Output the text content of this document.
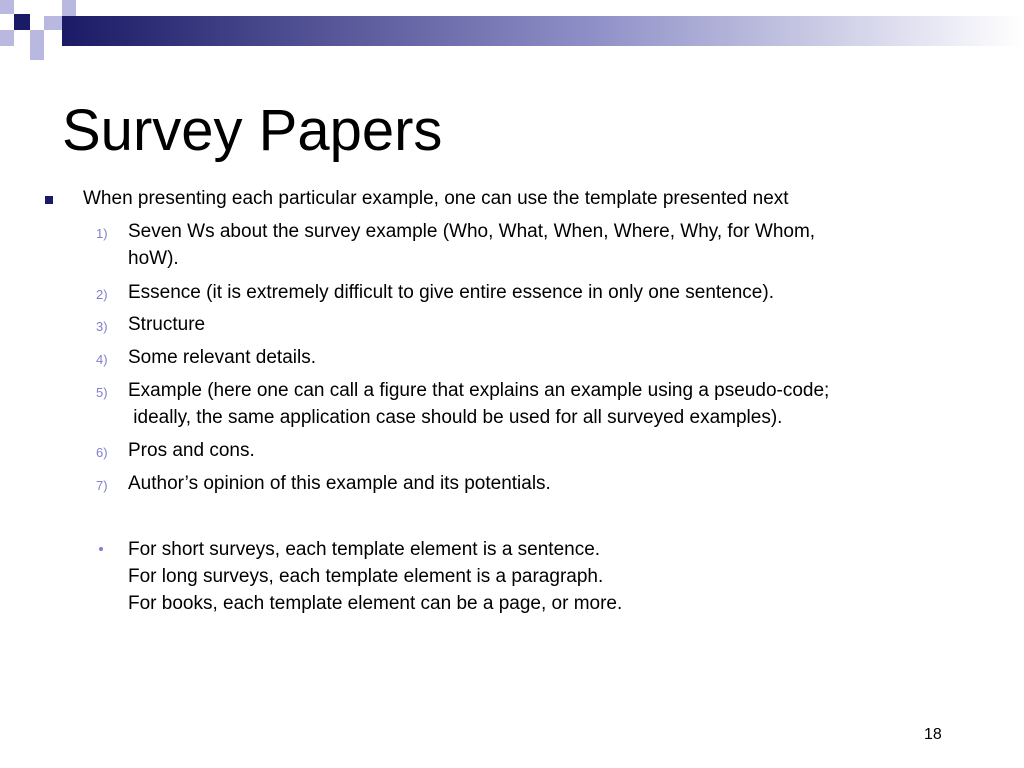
Survey Papers
When presenting each particular example, one can use the template presented next
1) Seven Ws about the survey example (Who, What, When, Where, Why, for Whom,
hoW).
2) Essence (it is extremely difficult to give entire essence in only one sentence).
3) Structure
4) Some relevant details.
5) Example (here one can call a figure that explains an example using a pseudo-code;
ideally, the same application case should be used for all surveyed examples).
6) Pros and cons.
7) Author’s opinion of this example and its potentials.
For short surveys, each template element is a sentence.
For long surveys, each template element is a paragraph.
For books, each template element can be a page, or more.
18
